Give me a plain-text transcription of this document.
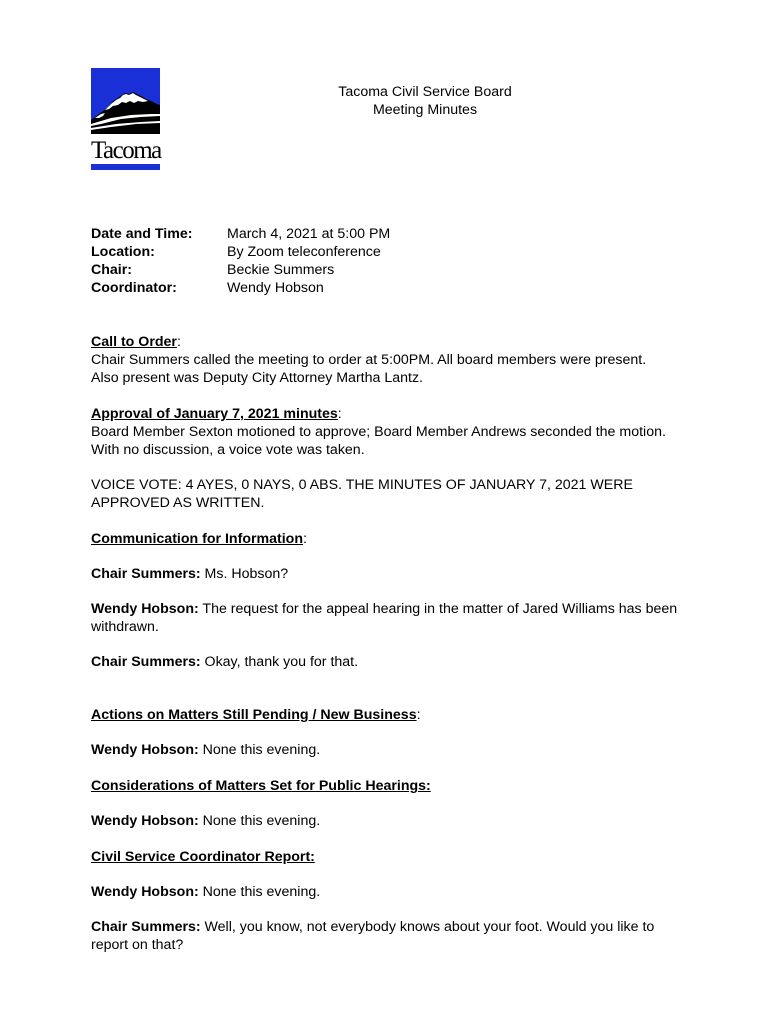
Tacoma
Tacoma Civil Service Board
Meeting Minutes
Date and Time:	March 4, 2021 at 5:00 PM
Location:	By Zoom teleconference
Chair:	Beckie Summers
Coordinator:	Wendy Hobson

Call to Order:

Chair Summers called the meeting to order at 5:00PM. All board members were present. Also present was Deputy City Attorney Martha Lantz.

Approval of January 7, 2021 minutes:

Board Member Sexton motioned to approve; Board Member Andrews seconded the motion. With no discussion, a voice vote was taken.

VOICE VOTE: 4 AYES, 0 NAYS, 0 ABS. THE MINUTES OF JANUARY 7, 2021 WERE APPROVED AS WRITTEN.

Communication for Information:

Chair Summers: Ms. Hobson?

Wendy Hobson: The request for the appeal hearing in the matter of Jared Williams has been withdrawn.

Chair Summers: Okay, thank you for that.

Actions on Matters Still Pending / New Business:

Wendy Hobson: None this evening.

Considerations of Matters Set for Public Hearings:

Wendy Hobson: None this evening.

Civil Service Coordinator Report:

Wendy Hobson: None this evening.

Chair Summers: Well, you know, not everybody knows about your foot. Would you like to report on that?
